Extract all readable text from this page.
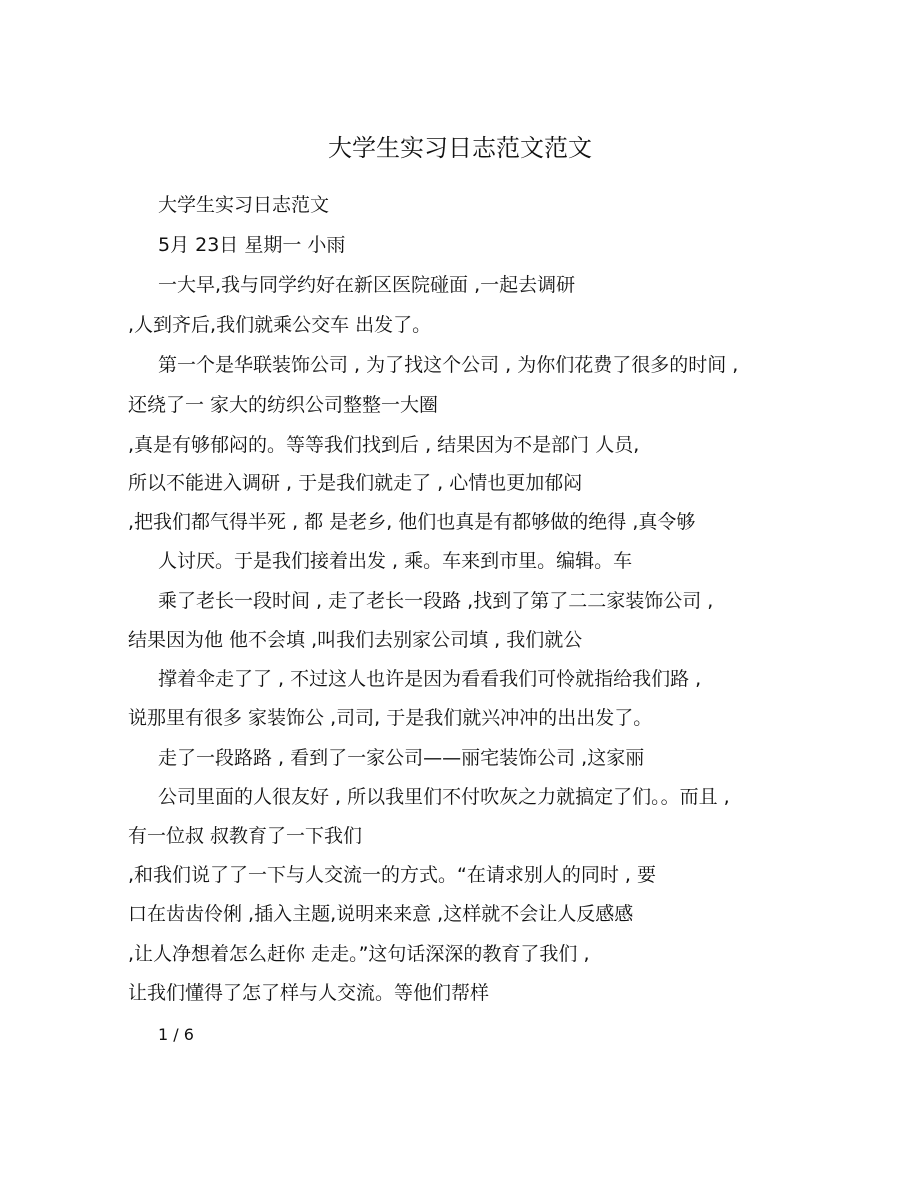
大学生实习日志范文范文
大学生实习日志范文
5月 23日 星期一 小雨
一大早,我与同学约好在新区医院碰面 ,一起去调研
,人到齐后,我们就乘公交车 出发了。
第一个是华联装饰公司 , 为了找这个公司 , 为你们花费了很多的时间 ,
还绕了一 家大的纺织公司整整一大圈
,真是有够郁闷的。等等我们找到后 , 结果因为不是部门 人员,
所以不能进入调研 , 于是我们就走了 , 心情也更加郁闷
,把我们都气得半死 , 都 是老乡, 他们也真是有都够做的绝得 ,真令够
人讨厌。于是我们接着出发 , 乘。车来到市里。编辑。车
乘了老长一段时间 , 走了老长一段路 ,找到了第了二二家装饰公司 ,
结果因为他 他不会填 ,叫我们去别家公司填 , 我们就公
撑着伞走了了 , 不过这人也许是因为看看我们可怜就指给我们路 ,
说那里有很多 家装饰公 ,司司, 于是我们就兴冲冲的出出发了。
走了一段路路 , 看到了一家公司——丽宅装饰公司 ,这家丽
公司里面的人很友好 , 所以我里们不付吹灰之力就搞定了们。。而且 ,
有一位叔 叔教育了一下我们
,和我们说了了一下与人交流一的方式。“在请求别人的同时 , 要
口在齿齿伶俐 ,插入主题,说明来来意 ,这样就不会让人反感感
,让人净想着怎么赶你 走走。”这句话深深的教育了我们 ,
让我们懂得了怎了样与人交流。等他们帮样
1 / 6
